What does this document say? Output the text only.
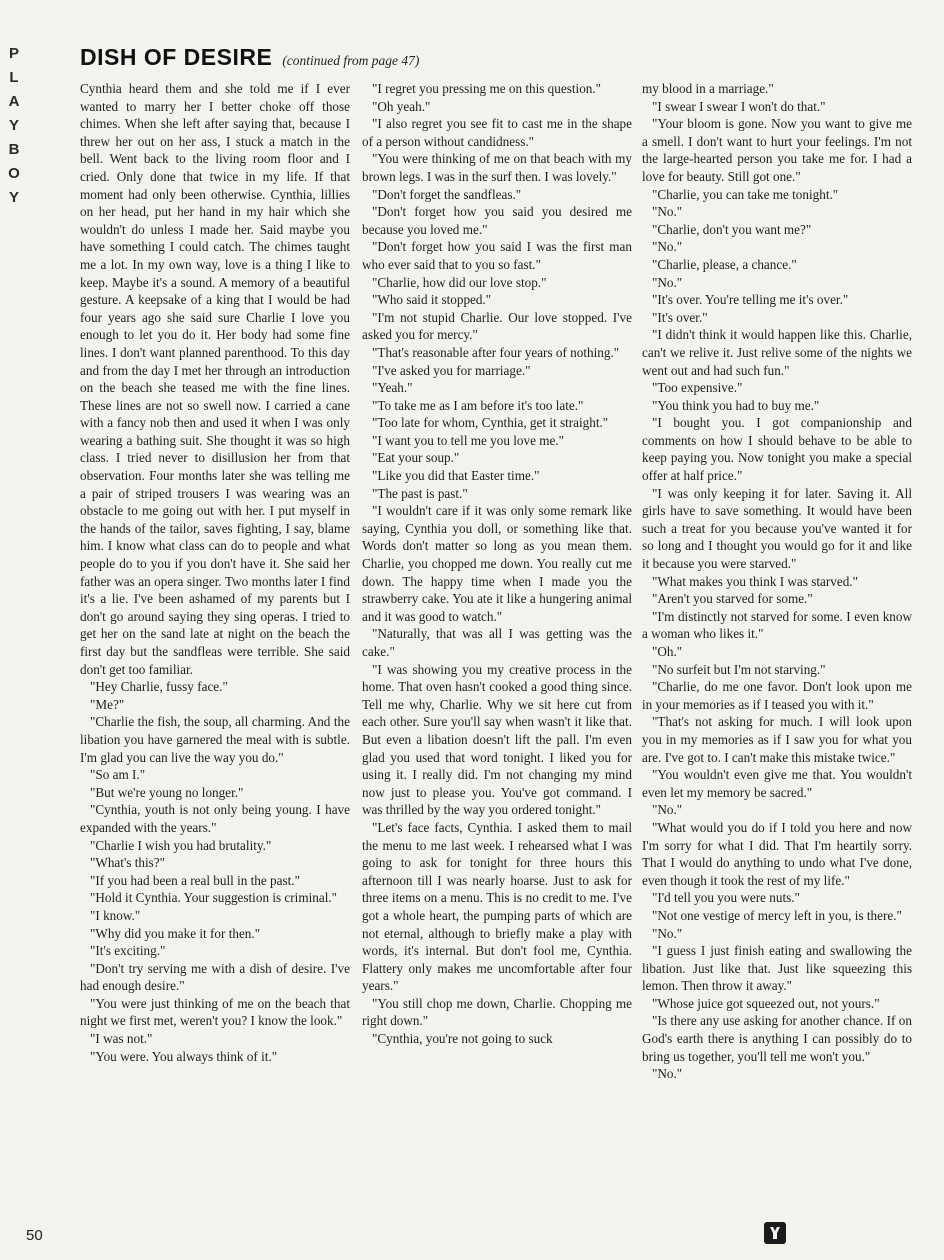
P
L
A
Y
B
O
Y
DISH OF DESIRE (continued from page 47)

Cynthia heard them and she told me if I ever wanted to marry her I better choke off those chimes. When she left after saying that, because I threw her out on her ass, I stuck a match in the bell. Went back to the living room floor and I cried. Only done that twice in my life. If that moment had only been otherwise. Cynthia, lillies on her head, put her hand in my hair which she wouldn't do unless I made her. Said maybe you have something I could catch. The chimes taught me a lot. In my own way, love is a thing I like to keep. Maybe it's a sound. A memory of a beautiful gesture. A keepsake of a king that I would be had four years ago she said sure Charlie I love you enough to let you do it. Her body had some fine lines. I don't want planned parenthood. To this day and from the day I met her through an introduction on the beach she teased me with the fine lines. These lines are not so swell now. I carried a cane with a fancy nob then and used it when I was only wearing a bathing suit. She thought it was so high class. I tried never to disillusion her from that observation. Four months later she was telling me a pair of striped trousers I was wearing was an obstacle to me going out with her. I put myself in the hands of the tailor, saves fighting, I say, blame him. I know what class can do to people and what people do to you if you don't have it. She said her father was an opera singer. Two months later I find it's a lie. I've been ashamed of my parents but I don't go around saying they sing operas. I tried to get her on the sand late at night on the beach the first day but the sandfleas were terrible. She said don't get too familiar.

"Hey Charlie, fussy face."

"Me?"

"Charlie the fish, the soup, all charming. And the libation you have garnered the meal with is subtle. I'm glad you can live the way you do."

"So am I."

"But we're young no longer."

"Cynthia, youth is not only being young. I have expanded with the years."

"Charlie I wish you had brutality."

"What's this?"

"If you had been a real bull in the past."

"Hold it Cynthia. Your suggestion is criminal."

"I know."

"Why did you make it for then."

"It's exciting."

"Don't try serving me with a dish of desire. I've had enough desire."

"You were just thinking of me on the beach that night we first met, weren't you? I know the look."

"I was not."

"You were. You always think of it."

"I regret you pressing me on this question."

"Oh yeah."

"I also regret you see fit to cast me in the shape of a person without candidness."

"You were thinking of me on that beach with my brown legs. I was in the surf then. I was lovely."

"Don't forget the sandfleas."

"Don't forget how you said you desired me because you loved me."

"Don't forget how you said I was the first man who ever said that to you so fast."

"Charlie, how did our love stop."

"Who said it stopped."

"I'm not stupid Charlie. Our love stopped. I've asked you for mercy."

"That's reasonable after four years of nothing."

"I've asked you for marriage."

"Yeah."

"To take me as I am before it's too late."

"Too late for whom, Cynthia, get it straight."

"I want you to tell me you love me."

"Eat your soup."

"Like you did that Easter time."

"The past is past."

"I wouldn't care if it was only some remark like saying, Cynthia you doll, or something like that. Words don't matter so long as you mean them. Charlie, you chopped me down. You really cut me down. The happy time when I made you the strawberry cake. You ate it like a hungering animal and it was good to watch."

"Naturally, that was all I was getting was the cake."

"I was showing you my creative process in the home. That oven hasn't cooked a good thing since. Tell me why, Charlie. Why we sit here cut from each other. Sure you'll say when wasn't it like that. But even a libation doesn't lift the pall. I'm even glad you used that word tonight. I liked you for using it. I really did. I'm not changing my mind now just to please you. You've got command. I was thrilled by the way you ordered tonight."

"Let's face facts, Cynthia. I asked them to mail the menu to me last week. I rehearsed what I was going to ask for tonight for three hours this afternoon till I was nearly hoarse. Just to ask for three items on a menu. This is no credit to me. I've got a whole heart, the pumping parts of which are not eternal, although to briefly make a play with words, it's internal. But don't fool me, Cynthia. Flattery only makes me uncomfortable after four years."

"You still chop me down, Charlie. Chopping me right down."

"Cynthia, you're not going to suck

my blood in a marriage."

"I swear I swear I won't do that."

"Your bloom is gone. Now you want to give me a smell. I don't want to hurt your feelings. I'm not the large-hearted person you take me for. I had a love for beauty. Still got one."

"Charlie, you can take me tonight."

"No."

"Charlie, don't you want me?"

"No."

"Charlie, please, a chance."

"No."

"It's over. You're telling me it's over."

"It's over."

"I didn't think it would happen like this. Charlie, can't we relive it. Just relive some of the nights we went out and had such fun."

"Too expensive."

"You think you had to buy me."

"I bought you. I got companionship and comments on how I should behave to be able to keep paying you. Now tonight you make a special offer at half price."

"I was only keeping it for later. Saving it. All girls have to save something. It would have been such a treat for you because you've wanted it for so long and I thought you would go for it and like it because you were starved."

"What makes you think I was starved."

"Aren't you starved for some."

"I'm distinctly not starved for some. I even know a woman who likes it."

"Oh."

"No surfeit but I'm not starving."

"Charlie, do me one favor. Don't look upon me in your memories as if I teased you with it."

"That's not asking for much. I will look upon you in my memories as if I saw you for what you are. I've got to. I can't make this mistake twice."

"You wouldn't even give me that. You wouldn't even let my memory be sacred."

"No."

"What would you do if I told you here and now I'm sorry for what I did. That I'm heartily sorry. That I would do anything to undo what I've done, even though it took the rest of my life."

"I'd tell you you were nuts."

"Not one vestige of mercy left in you, is there."

"No."

"I guess I just finish eating and swallowing the libation. Just like that. Just like squeezing this lemon. Then throw it away."

"Whose juice got squeezed out, not yours."

"Is there any use asking for another chance. If on God's earth there is anything I can possibly do to bring us together, you'll tell me won't you."

"No."

50
